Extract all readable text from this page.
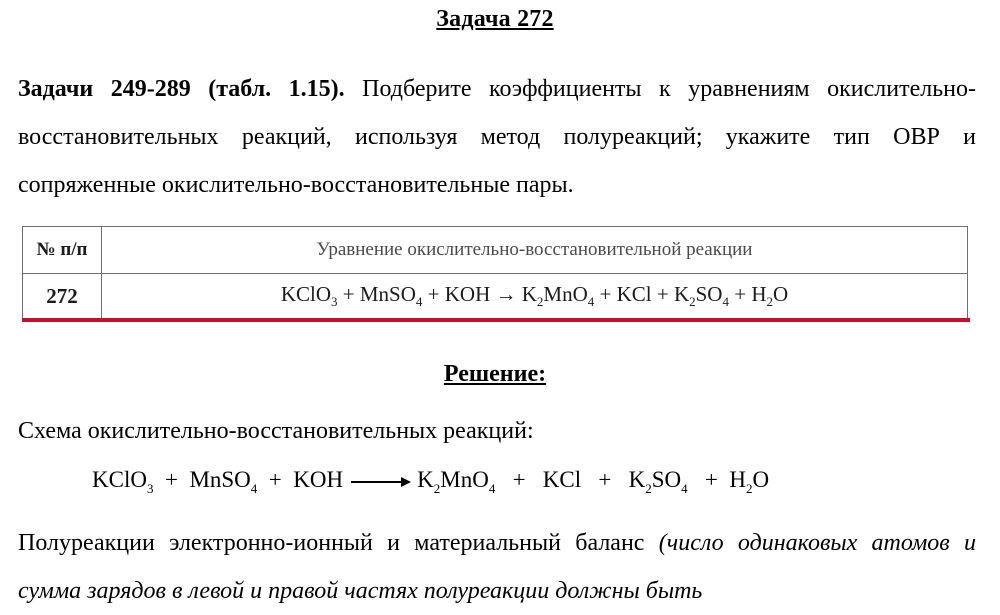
Задача 272
Задачи 249-289 (табл. 1.15). Подберите коэффициенты к уравнениям окислительно-восстановительных реакций, используя метод полуреакций; укажите тип ОВР и сопряженные окислительно-восстановительные пары.
№ п/п	Уравнение окислительно-восстановительной реакции
272	KClO$_3$ + MnSO$_4$ + KOH → $K_2MnO_4$ + KCl + $K_2SO_4 + H_2O$
Решение:
Схема окислительно-восстановительных реакций:
KClO$_3$ + MnSO$_4$ + KOH	$K_2MnO_4$ + KCl + $K_2SO_4 + H_2O$
Полуреакции электронно-ионный и материальный баланс (число одинаковых атомов и сумма зарядов в левой и правой частях полуреакции должны быть
